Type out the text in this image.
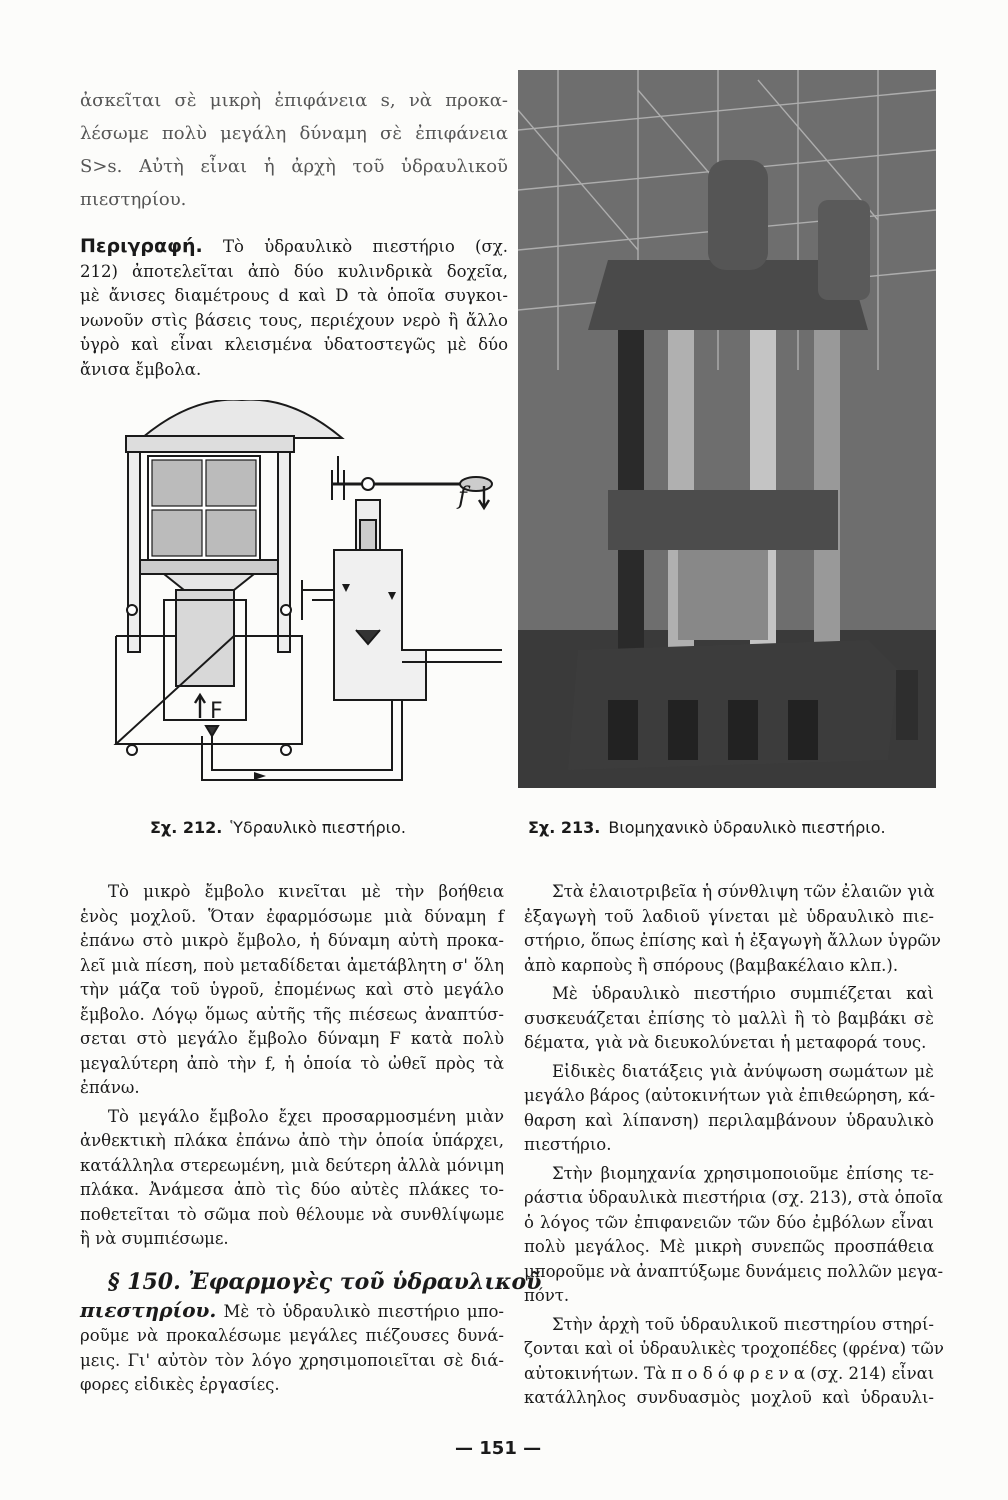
ἀσκεῖται σὲ μικρὴ ἐπιφάνεια s, νὰ προκα-
λέσωμε πολὺ μεγάλη δύναμη σὲ ἐπιφάνεια
S>s. Αὐτὴ εἶναι ἡ ἀρχὴ τοῦ ὑδραυλικοῦ
πιεστηρίου.
Περιγραφή. Τὸ ὑδραυλικὸ πιεστήριο (σχ.
212) ἀποτελεῖται ἀπὸ δύο κυλινδρικὰ δοχεῖα,
μὲ ἄνισες διαμέτρους d καὶ D τὰ ὁποῖα συγκοι-
νωνοῦν στὶς βάσεις τους, περιέχουν νερὸ ἢ ἄλλο
ὑγρὸ καὶ εἶναι κλεισμένα ὑδατοστεγῶς μὲ δύο
ἄνισα ἔμβολα.
f
F
Σχ. 212. Ὑδραυλικὸ πιεστήριο.	Σχ. 213. Βιομηχανικὸ ὑδραυλικὸ πιεστήριο.
Τὸ μικρὸ ἔμβολο κινεῖται μὲ τὴν βοήθεια
ἑνὸς μοχλοῦ. Ὅταν ἐφαρμόσωμε μιὰ δύναμη f
ἐπάνω στὸ μικρὸ ἔμβολο, ἡ δύναμη αὐτὴ προκα-
λεῖ μιὰ πίεση, ποὺ μεταδίδεται ἀμετάβλητη σ' ὅλη
τὴν μάζα τοῦ ὑγροῦ, ἐπομένως καὶ στὸ μεγάλο
ἔμβολο. Λόγῳ ὅμως αὐτῆς τῆς πιέσεως ἀναπτύσ-
σεται στὸ μεγάλο ἔμβολο δύναμη F κατὰ πολὺ
μεγαλύτερη ἀπὸ τὴν f, ἡ ὁποία τὸ ὠθεῖ πρὸς τὰ
ἐπάνω.
Τὸ μεγάλο ἔμβολο ἔχει προσαρμοσμένη μιὰν
ἀνθεκτικὴ πλάκα ἐπάνω ἀπὸ τὴν ὁποία ὑπάρχει,
κατάλληλα στερεωμένη, μιὰ δεύτερη ἀλλὰ μόνιμη
πλάκα. Ἀνάμεσα ἀπὸ τὶς δύο αὐτὲς πλάκες το-
ποθετεῖται τὸ σῶμα ποὺ θέλουμε νὰ συνθλίψωμε
ἢ νὰ συμπιέσωμε.
§ 150. Ἐφαρμογὲς τοῦ ὑδραυλικοῦ
πιεστηρίου. Μὲ τὸ ὑδραυλικὸ πιεστήριο μπο-
ροῦμε νὰ προκαλέσωμε μεγάλες πιέζουσες δυνά-
μεις. Γι' αὐτὸν τὸν λόγο χρησιμοποιεῖται σὲ διά-
φορες εἰδικὲς ἐργασίες.
Στὰ ἐλαιοτριβεῖα ἡ σύνθλιψη τῶν ἐλαιῶν γιὰ
ἐξαγωγὴ τοῦ λαδιοῦ γίνεται μὲ ὑδραυλικὸ πιε-
στήριο, ὅπως ἐπίσης καὶ ἡ ἐξαγωγὴ ἄλλων ὑγρῶν
ἀπὸ καρποὺς ἢ σπόρους (βαμβακέλαιο κλπ.).
Μὲ ὑδραυλικὸ πιεστήριο συμπιέζεται καὶ
συσκευάζεται ἐπίσης τὸ μαλλὶ ἢ τὸ βαμβάκι σὲ
δέματα, γιὰ νὰ διευκολύνεται ἡ μεταφορά τους.
Εἰδικὲς διατάξεις γιὰ ἀνύψωση σωμάτων μὲ
μεγάλο βάρος (αὐτοκινήτων γιὰ ἐπιθεώρηση, κά-
θαρση καὶ λίπανση) περιλαμβάνουν ὑδραυλικὸ
πιεστήριο.
Στὴν βιομηχανία χρησιμοποιοῦμε ἐπίσης τε-
ράστια ὑδραυλικὰ πιεστήρια (σχ. 213), στὰ ὁποῖα
ὁ λόγος τῶν ἐπιφανειῶν τῶν δύο ἐμβόλων εἶναι
πολὺ μεγάλος. Μὲ μικρὴ συνεπῶς προσπάθεια
μποροῦμε νὰ ἀναπτύξωμε δυνάμεις πολλῶν μεγα-
πόντ.
Στὴν ἀρχὴ τοῦ ὑδραυλικοῦ πιεστηρίου στηρί-
ζονται καὶ οἱ ὑδραυλικὲς τροχοπέδες (φρένα) τῶν
αὐτοκινήτων. Τὰ π ο δ ό φ ρ ε ν α (σχ. 214) εἶναι
κατάλληλος συνδυασμὸς μοχλοῦ καὶ ὑδραυλι-
— 151 —
